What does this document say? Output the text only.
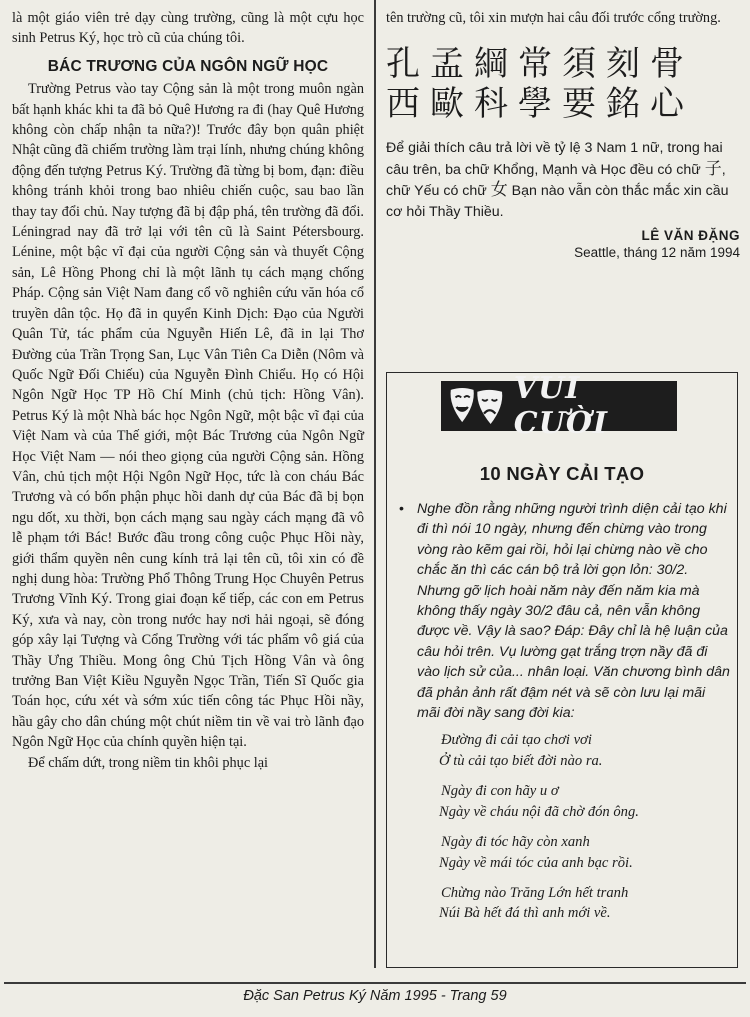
là một giáo viên trẻ dạy cùng trường, cũng là một cựu học sinh Petrus Ký, học trò cũ của chúng tôi.

BÁC TRƯƠNG CỦA NGÔN NGỮ HỌC

Trường Petrus vào tay Cộng sản là một trong muôn ngàn bất hạnh khác khi ta đã bỏ Quê Hương ra đi (hay Quê Hương không còn chấp nhận ta nữa?)! Trước đây bọn quân phiệt Nhật cũng đã chiếm trường làm trại lính, nhưng chúng không động đến tượng Petrus Ký. Trường đã từng bị bom, đạn: điều không tránh khỏi trong bao nhiêu chiến cuộc, sau bao lần thay tay đổi chủ. Nay tượng đã bị đập phá, tên trường đã đổi. Léningrad nay đã trở lại với tên cũ là Saint Pétersbourg. Lénine, một bậc vĩ đại của người Cộng sản và thuyết Cộng sản, Lê Hồng Phong chỉ là một lãnh tụ cách mạng chống Pháp. Cộng sản Việt Nam đang cổ võ nghiên cứu văn hóa cổ truyền dân tộc. Họ đã in quyển Kinh Dịch: Đạo của Người Quân Tử, tác phẩm của Nguyễn Hiến Lê, đã in lại Thơ Đường của Trần Trọng San, Lục Vân Tiên Ca Diễn (Nôm và Quốc Ngữ Đối Chiếu) của Nguyễn Đình Chiểu. Họ có Hội Ngôn Ngữ Học TP Hồ Chí Minh (chủ tịch: Hồng Vân). Petrus Ký là một Nhà bác học Ngôn Ngữ, một bậc vĩ đại của Việt Nam và của Thế giới, một Bác Trương của Ngôn Ngữ Học Việt Nam — nói theo giọng của người Cộng sản. Hồng Vân, chủ tịch một Hội Ngôn Ngữ Học, tức là con cháu Bác Trương và có bổn phận phục hồi danh dự của Bác đã bị bọn ngu dốt, xu thời, bọn cách mạng sau ngày cách mạng đã vô lễ phạm tới Bác! Bước đầu trong công cuộc Phục Hồi này, giới thẩm quyền nên cung kính trả lại tên cũ, tôi xin có đề nghị dung hòa: Trường Phổ Thông Trung Học Chuyên Petrus Trương Vĩnh Ký. Trong giai đoạn kế tiếp, các con em Petrus Ký, xưa và nay, còn trong nước hay nơi hải ngoại, sẽ đóng góp xây lại Tượng và Cổng Trường với tác phẩm vô giá của Thầy Ưng Thiều. Mong ông Chủ Tịch Hồng Vân và ông trưởng Ban Việt Kiều Nguyễn Ngọc Trần, Tiến Sĩ Quốc gia Toán học, cứu xét và sớm xúc tiến công tác Phục Hồi nầy, hầu gây cho dân chúng một chút niềm tin về vai trò lãnh đạo Ngôn Ngữ Học của chính quyền hiện tại.

Để chấm dứt, trong niềm tin khôi phục lại

tên trường cũ, tôi xin mượn hai câu đối trước cổng trường.

孔孟綱常須刻骨
西歐科學要銘心

Để giải thích câu trả lời về tỷ lệ 3 Nam 1 nữ, trong hai câu trên, ba chữ Khổng, Mạnh và Học đều có chữ 子, chữ Yếu có chữ 女 Bạn nào vẫn còn thắc mắc xin cầu cơ hỏi Thầy Thiều.

LÊ VĂN ĐẶNG
Seattle, tháng 12 năm 1994
VUI CƯỜI
10 NGÀY CẢI TẠO

• Nghe đồn rằng những người trình diện cải tạo khi đi thì nói 10 ngày, nhưng đến chừng vào trong vòng rào kẽm gai rồi, hỏi lại chừng nào về cho chắc ăn thì các cán bộ trả lời gọn lỏn: 30/2. Nhưng gỡ lịch hoài năm này đến năm kia mà không thấy ngày 30/2 đâu cả, nên vẫn không được về. Vậy là sao? Đáp: Đây chỉ là hệ luận của câu hỏi trên. Vụ lường gạt trắng trợn nầy đã đi vào lịch sử của... nhân loại. Văn chương bình dân đã phản ảnh rất đậm nét và sẽ còn lưu lại mãi mãi đời nầy sang đời kia:

Đường đi cải tạo chơi vơi
Ở tù cải tạo biết đời nào ra.
Ngày đi con hãy u ơ
Ngày về cháu nội đã chờ đón ông.
Ngày đi tóc hãy còn xanh
Ngày về mái tóc của anh bạc rồi.
Chừng nào Trăng Lớn hết tranh
Núi Bà hết đá thì anh mới về.
Đặc San Petrus Ký Năm 1995 - Trang 59
